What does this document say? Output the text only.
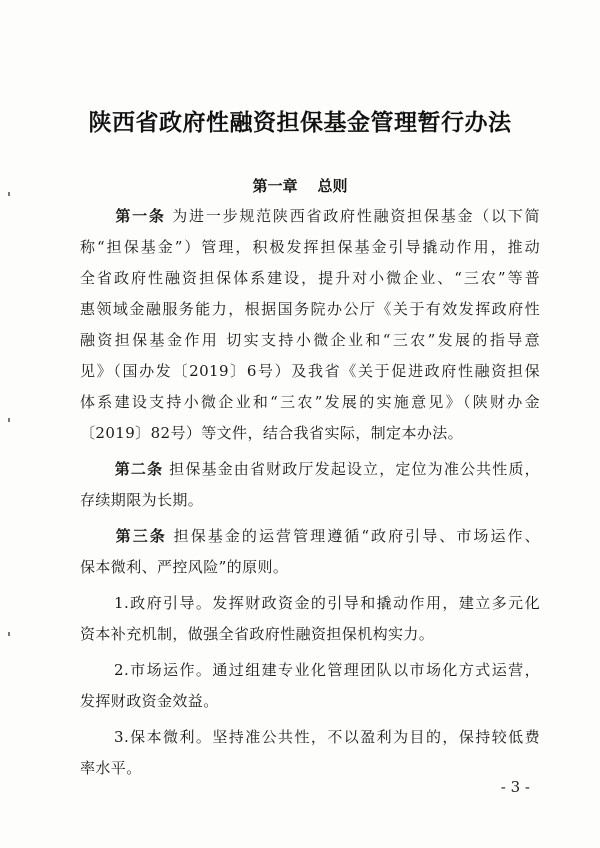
陕西省政府性融资担保基金管理暂行办法
第一章 总则
第一条 为进一步规范陕西省政府性融资担保基金（以下简
称“担保基金”）管理，积极发挥担保基金引导撬动作用，推动
全省政府性融资担保体系建设，提升对小微企业、“三农”等普
惠领域金融服务能力，根据国务院办公厅《关于有效发挥政府性
融资担保基金作用 切实支持小微企业和“三农”发展的指导意
见》（国办发〔2019〕6号）及我省《关于促进政府性融资担保
体系建设支持小微企业和“三农”发展的实施意见》（陕财办金
〔2019〕82号）等文件，结合我省实际，制定本办法。
第二条 担保基金由省财政厅发起设立，定位为准公共性质，
存续期限为长期。
第三条 担保基金的运营管理遵循“政府引导、市场运作、
保本微利、严控风险”的原则。
1.政府引导。发挥财政资金的引导和撬动作用，建立多元化
资本补充机制，做强全省政府性融资担保机构实力。
2.市场运作。通过组建专业化管理团队以市场化方式运营，
发挥财政资金效益。
3.保本微利。坚持准公共性，不以盈利为目的，保持较低费
率水平。
- 3 -
